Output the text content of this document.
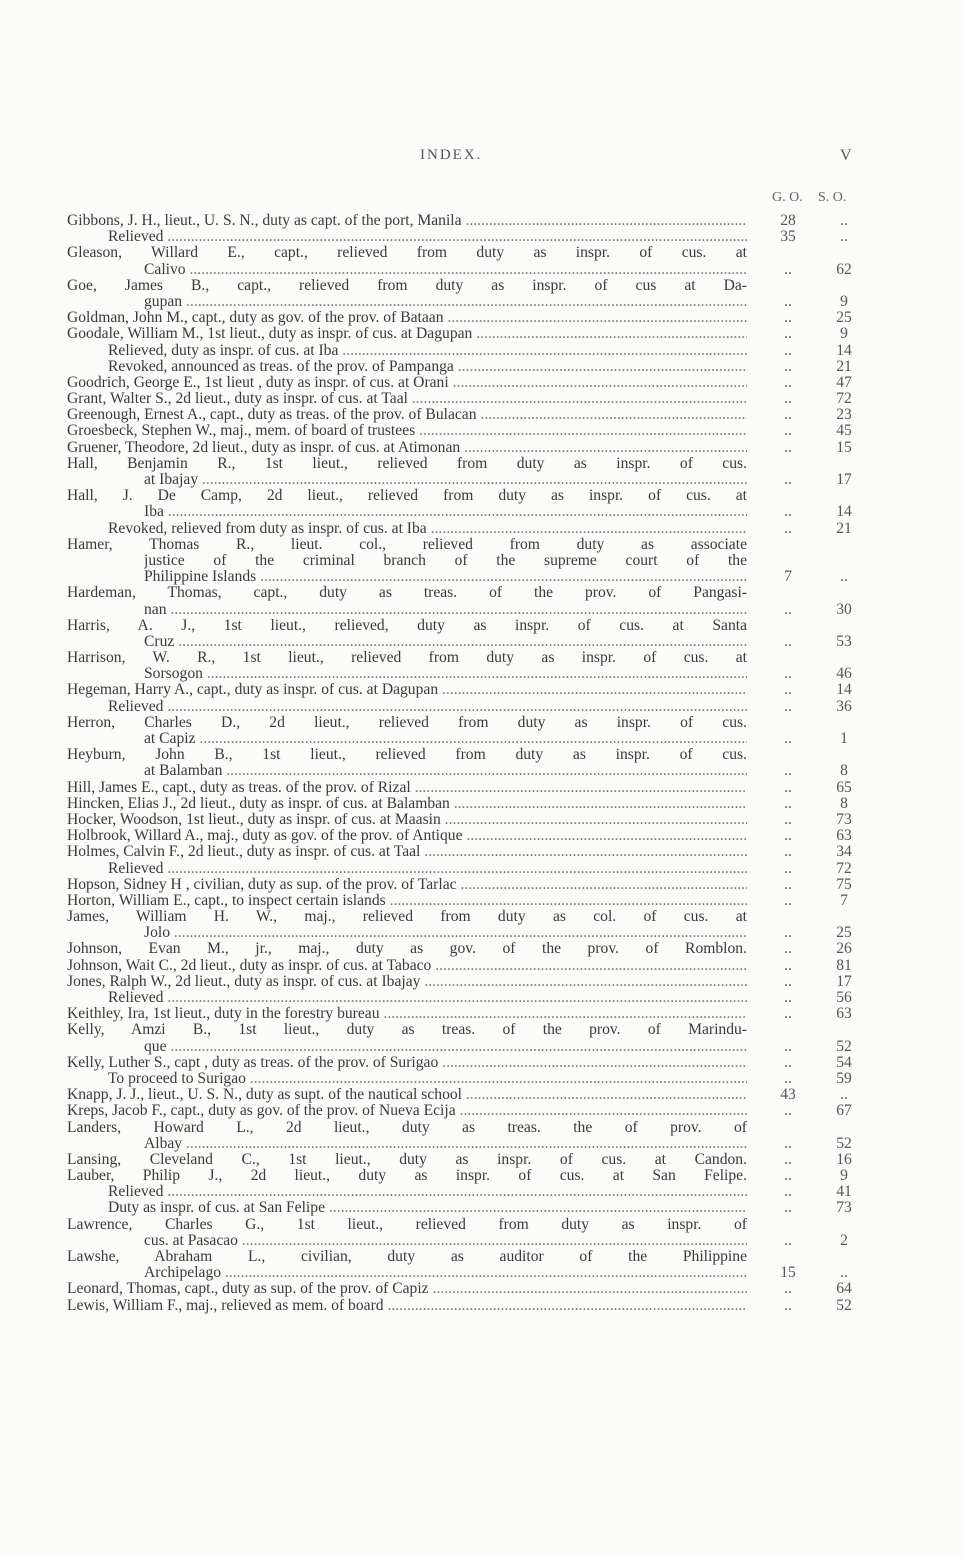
INDEX.	V
G. O. S. O.
Gibbons, J. H., lieut., U. S. N., duty as capt. of the port, Manila .....	28	..
Relieved .....	35	..
Gleason, Willard E., capt., relieved from duty as inspr. of cus. at
Calivo .....	..	62
Goe, James B., capt., relieved from duty as inspr. of cus at Da-
gupan .....	..	9
Goldman, John M., capt., duty as gov. of the prov. of Bataan .....	..	25
Goodale, William M., 1st lieut., duty as inspr. of cus. at Dagupan .....	..	9
Relieved, duty as inspr. of cus. at Iba .....	..	14
Revoked, announced as treas. of the prov. of Pampanga .....	..	21
Goodrich, George E., 1st lieut , duty as inspr. of cus. at Orani .....	..	47
Grant, Walter S., 2d lieut., duty as inspr. of cus. at Taal .....	..	72
Greenough, Ernest A., capt., duty as treas. of the prov. of Bulacan .....	..	23
Groesbeck, Stephen W., maj., mem. of board of trustees .....	..	45
Gruener, Theodore, 2d lieut., duty as inspr. of cus. at Atimonan .....	..	15
Hall, Benjamin R., 1st lieut., relieved from duty as inspr. of cus.
at Ibajay .....	..	17
Hall, J. De Camp, 2d lieut., relieved from duty as inspr. of cus. at
Iba .....	..	14
Revoked, relieved from duty as inspr. of cus. at Iba .....	..	21
Hamer, Thomas R., lieut. col., relieved from duty as associate
justice of the criminal branch of the supreme court of the
Philippine Islands .....	7	..
Hardeman, Thomas, capt., duty as treas. of the prov. of Pangasi-
nan .....	..	30
Harris, A. J., 1st lieut., relieved, duty as inspr. of cus. at Santa
Cruz .....	..	53
Harrison, W. R., 1st lieut., relieved from duty as inspr. of cus. at
Sorsogon .....	..	46
Hegeman, Harry A., capt., duty as inspr. of cus. at Dagupan .....	..	14
Relieved .....	..	36
Herron, Charles D., 2d lieut., relieved from duty as inspr. of cus.
at Capiz .....	..	1
Heyburn, John B., 1st lieut., relieved from duty as inspr. of cus.
at Balamban .....	..	8
Hill, James E., capt., duty as treas. of the prov. of Rizal .....	..	65
Hincken, Elias J., 2d lieut., duty as inspr. of cus. at Balamban .....	..	8
Hocker, Woodson, 1st lieut., duty as inspr. of cus. at Maasin .....	..	73
Holbrook, Willard A., maj., duty as gov. of the prov. of Antique .....	..	63
Holmes, Calvin F., 2d lieut., duty as inspr. of cus. at Taal .....	..	34
Relieved .....	..	72
Hopson, Sidney H , civilian, duty as sup. of the prov. of Tarlac .....	..	75
Horton, William E., capt., to inspect certain islands .....	..	7
James, William H. W., maj., relieved from duty as col. of cus. at
Jolo .....	..	25
Johnson, Evan M., jr., maj., duty as gov. of the prov. of Romblon.	..	26
Johnson, Wait C., 2d lieut., duty as inspr. of cus. at Tabaco .....	..	81
Jones, Ralph W., 2d lieut., duty as inspr. of cus. at Ibajay .....	..	17
Relieved .....	..	56
Keithley, Ira, 1st lieut., duty in the forestry bureau .....	..	63
Kelly, Amzi B., 1st lieut., duty as treas. of the prov. of Marindu-
que .....	..	52
Kelly, Luther S., capt , duty as treas. of the prov. of Surigao .....	..	54
To proceed to Surigao .....	..	59
Knapp, J. J., lieut., U. S. N., duty as supt. of the nautical school .....	43	..
Kreps, Jacob F., capt., duty as gov. of the prov. of Nueva Ecija .....	..	67
Landers, Howard L., 2d lieut., duty as treas. the of prov. of
Albay .....	..	52
Lansing, Cleveland C., 1st lieut., duty as inspr. of cus. at Candon.	..	16
Lauber, Philip J., 2d lieut., duty as inspr. of cus. at San Felipe.	..	9
Relieved .....	..	41
Duty as inspr. of cus. at San Felipe .....	..	73
Lawrence, Charles G., 1st lieut., relieved from duty as inspr. of
cus. at Pasacao .....	..	2
Lawshe, Abraham L., civilian, duty as auditor of the Philippine
Archipelago .....	15	..
Leonard, Thomas, capt., duty as sup. of the prov. of Capiz .....	..	64
Lewis, William F., maj., relieved as mem. of board .....	..	52
